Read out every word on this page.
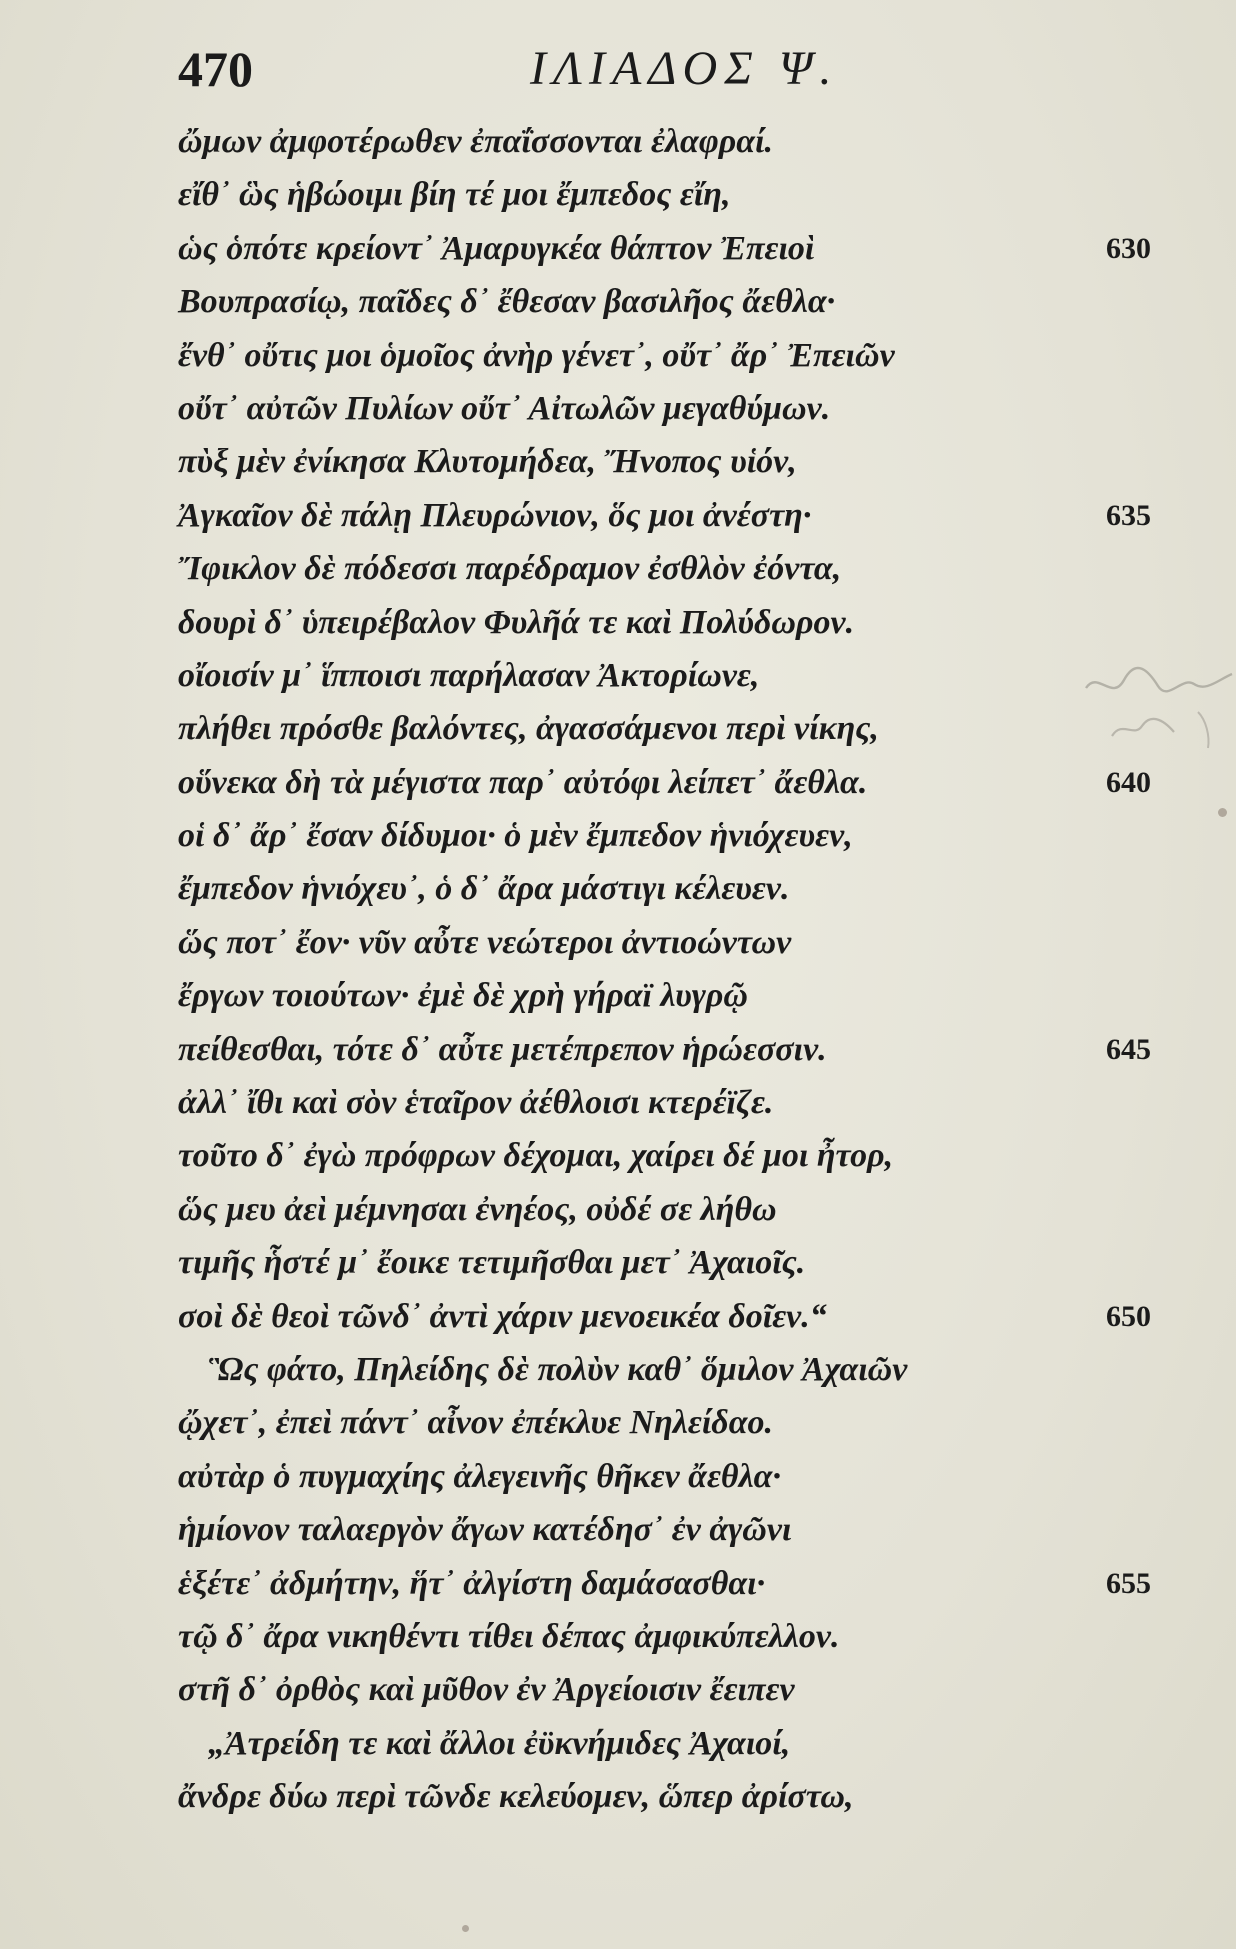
470	ΙΛΙΑΔΟΣ Ψ.
ὤμων ἀμφοτέρωθεν ἐπαΐσσονται ἐλαφραί.
εἴθ᾽ ὣς ἡβώοιμι βίη τέ μοι ἔμπεδος εἴη,
ὡς ὁπότε κρείοντ᾽ Ἀμαρυγκέα θάπτον Ἐπειοὶ	630
Βουπρασίῳ, παῖδες δ᾽ ἔθεσαν βασιλῆος ἄεθλα·
ἔνθ᾽ οὔτις μοι ὁμοῖος ἀνὴρ γένετ᾽, οὔτ᾽ ἄρ᾽ Ἐπειῶν
οὔτ᾽ αὐτῶν Πυλίων οὔτ᾽ Αἰτωλῶν μεγαθύμων.
πὺξ μὲν ἐνίκησα Κλυτομήδεα, Ἤνοπος υἱόν,
Ἀγκαῖον δὲ πάλῃ Πλευρώνιον, ὅς μοι ἀνέστη·	635
Ἴφικλον δὲ πόδεσσι παρέδραμον ἐσθλὸν ἐόντα,
δουρὶ δ᾽ ὑπειρέβαλον Φυλῆά τε καὶ Πολύδωρον.
οἴοισίν μ᾽ ἵπποισι παρήλασαν Ἀκτορίωνε,
πλήθει πρόσθε βαλόντες, ἀγασσάμενοι περὶ νίκης,
οὕνεκα δὴ τὰ μέγιστα παρ᾽ αὐτόφι λείπετ᾽ ἄεθλα.	640
οἱ δ᾽ ἄρ᾽ ἔσαν δίδυμοι· ὁ μὲν ἔμπεδον ἡνιόχευεν,
ἔμπεδον ἡνιόχευ᾽, ὁ δ᾽ ἄρα μάστιγι κέλευεν.
ὥς ποτ᾽ ἔον· νῦν αὖτε νεώτεροι ἀντιοώντων
ἔργων τοιούτων· ἐμὲ δὲ χρὴ γήραϊ λυγρῷ
πείθεσθαι, τότε δ᾽ αὖτε μετέπρεπον ἡρώεσσιν.	645
ἀλλ᾽ ἴθι καὶ σὸν ἑταῖρον ἀέθλοισι κτερέϊζε.
τοῦτο δ᾽ ἐγὼ πρόφρων δέχομαι, χαίρει δέ μοι ἦτορ,
ὥς μευ ἀεὶ μέμνησαι ἐνηέος, οὐδέ σε λήθω
τιμῆς ἧστέ μ᾽ ἔοικε τετιμῆσθαι μετ᾽ Ἀχαιοῖς.
σοὶ δὲ θεοὶ τῶνδ᾽ ἀντὶ χάριν μενοεικέα δοῖεν.“	650
Ὣς φάτο, Πηλείδης δὲ πολὺν καθ᾽ ὅμιλον Ἀχαιῶν
ᾤχετ᾽, ἐπεὶ πάντ᾽ αἶνον ἐπέκλυε Νηλείδαο.
αὐτὰρ ὁ πυγμαχίης ἀλεγεινῆς θῆκεν ἄεθλα·
ἡμίονον ταλαεργὸν ἄγων κατέδησ᾽ ἐν ἀγῶνι
ἑξέτε᾽ ἀδμήτην, ἥτ᾽ ἀλγίστη δαμάσασθαι·	655
τῷ δ᾽ ἄρα νικηθέντι τίθει δέπας ἀμφικύπελλον.
στῆ δ᾽ ὀρθὸς καὶ μῦθον ἐν Ἀργείοισιν ἔειπεν
„Ἀτρείδη τε καὶ ἄλλοι ἐϋκνήμιδες Ἀχαιοί,
ἄνδρε δύω περὶ τῶνδε κελεύομεν, ὥπερ ἀρίστω,
